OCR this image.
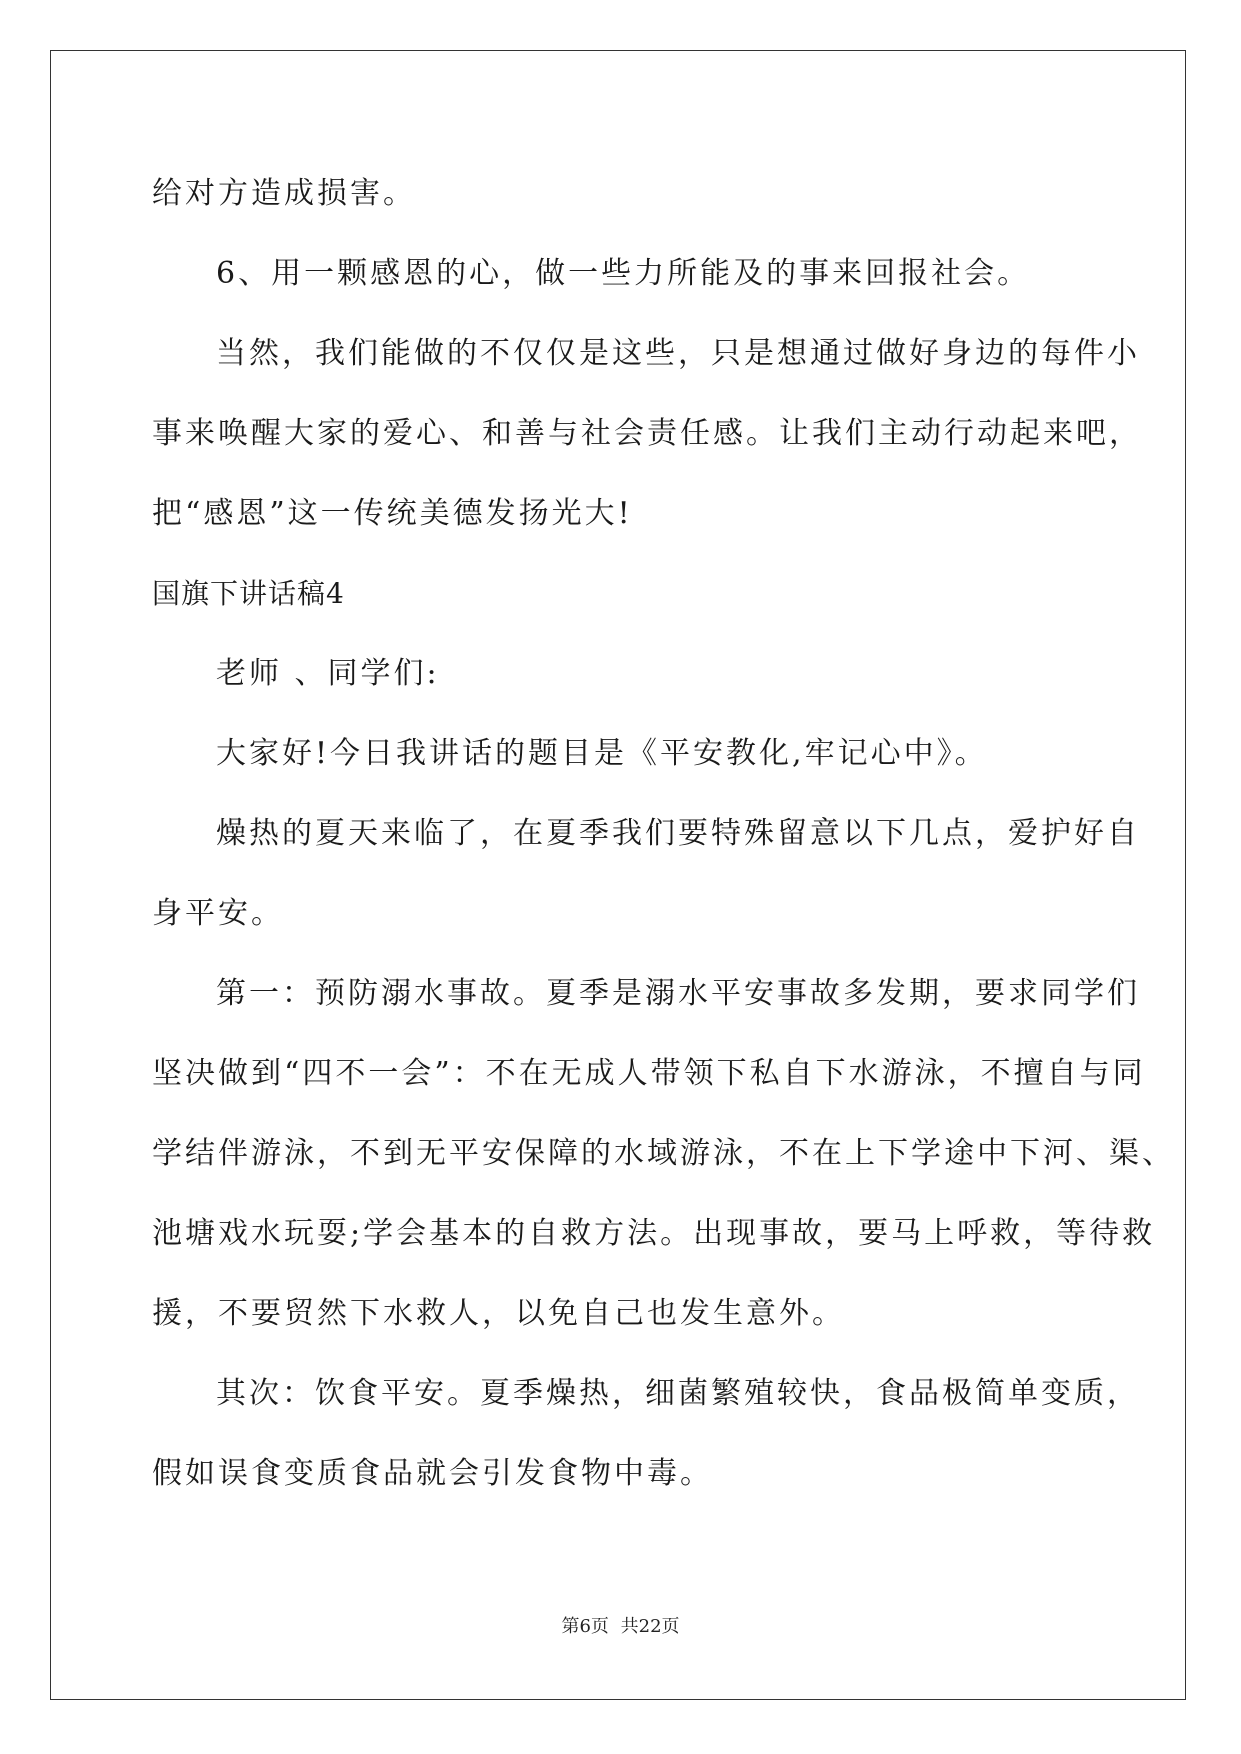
给对方造成损害。
6、用一颗感恩的心，做一些力所能及的事来回报社会。
当然，我们能做的不仅仅是这些，只是想通过做好身边的每件小
事来唤醒大家的爱心、和善与社会责任感。让我们主动行动起来吧，
把“感恩”这一传统美德发扬光大!
国旗下讲话稿4
老师 、同学们:
大家好!今日我讲话的题目是《平安教化,牢记心中》。
燥热的夏天来临了，在夏季我们要特殊留意以下几点，爱护好自
身平安。
第一：预防溺水事故。夏季是溺水平安事故多发期，要求同学们
坚决做到“四不一会”：不在无成人带领下私自下水游泳，不擅自与同
学结伴游泳，不到无平安保障的水域游泳，不在上下学途中下河、渠、
池塘戏水玩耍;学会基本的自救方法。出现事故，要马上呼救，等待救
援，不要贸然下水救人，以免自己也发生意外。
其次：饮食平安。夏季燥热，细菌繁殖较快，食品极简单变质，
假如误食变质食品就会引发食物中毒。
第6页 共22页
